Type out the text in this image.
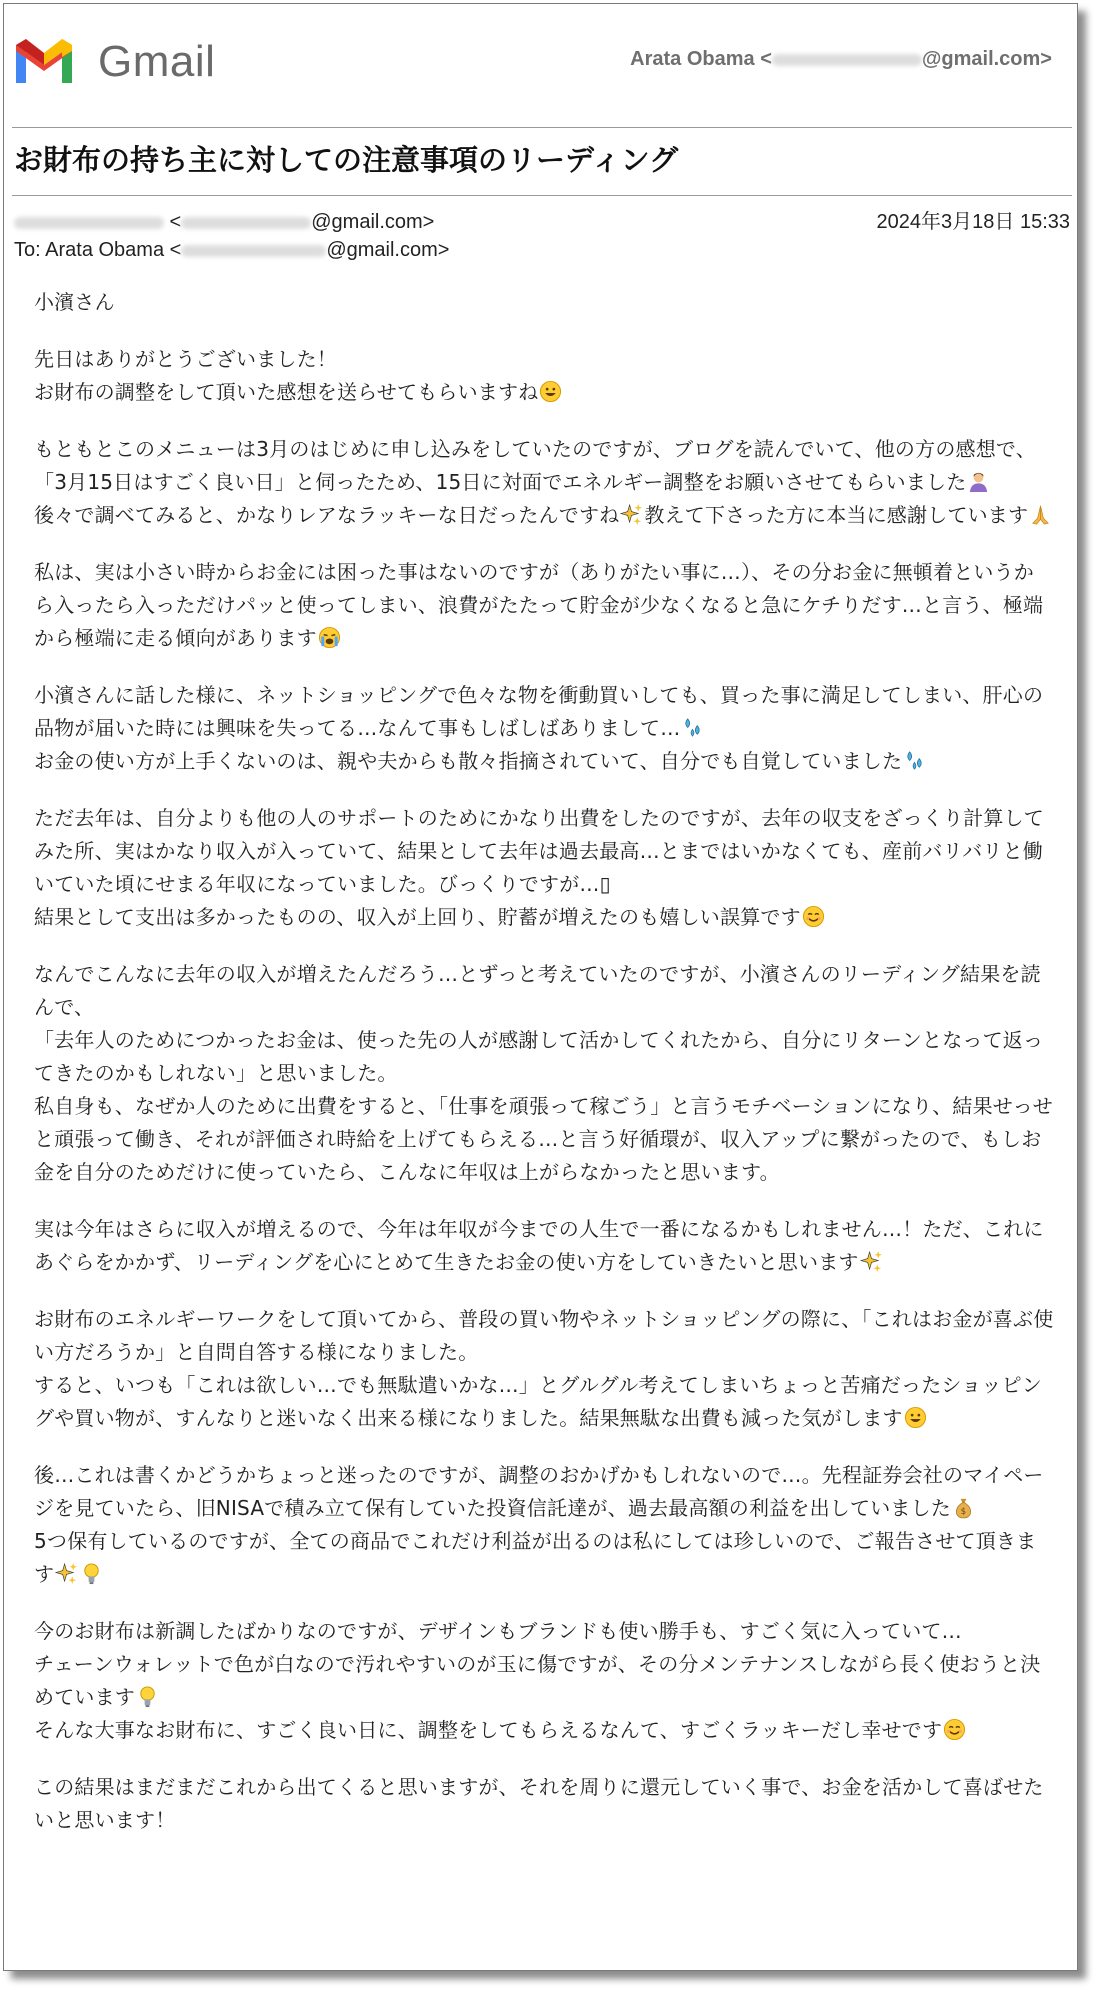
Gmail	Arata Obama <	@gmail.com>
お財布の持ち主に対しての注意事項のリーディング
<	@gmail.com>	2024年3月18日 15:33
To: Arata Obama <	@gmail.com>
小濱さん
先日はありがとうございました！
お財布の調整をして頂いた感想を送らせてもらいますね
もともとこのメニューは3月のはじめに申し込みをしていたのですが、ブログを読んでいて、他の方の感想で、「3月15日はすごく良い日」と伺ったため、15日に対面でエネルギー調整をお願いさせてもらいました

後々で調べてみると、かなりレアなラッキーな日だったんですね 教えて下さった方に本当に感謝しています
私は、実は小さい時からお金には困った事はないのですが（ありがたい事に…）、その分お金に無頓着というから入ったら入っただけパッと使ってしまい、浪費がたたって貯金が少なくなると急にケチりだす…と言う、極端から極端に走る傾向があります
小濱さんに話した様に、ネットショッピングで色々な物を衝動買いしても、買った事に満足してしまい、肝心の品物が届いた時には興味を失ってる…なんて事もしばしばありまして…

お金の使い方が上手くないのは、親や夫からも散々指摘されていて、自分でも自覚していました
ただ去年は、自分よりも他の人のサポートのためにかなり出費をしたのですが、去年の収支をざっくり計算してみた所、実はかなり収入が入っていて、結果として去年は過去最高…とまではいかなくても、産前バリバリと働いていた頃にせまる年収になっていました。びっくりですが…▯
結果として支出は多かったものの、収入が上回り、貯蓄が増えたのも嬉しい誤算です
なんでこんなに去年の収入が増えたんだろう…とずっと考えていたのですが、小濱さんのリーディング結果を読んで、
「去年人のためにつかったお金は、使った先の人が感謝して活かしてくれたから、自分にリターンとなって返ってきたのかもしれない」と思いました。
私自身も、なぜか人のために出費をすると、「仕事を頑張って稼ごう」と言うモチベーションになり、結果せっせと頑張って働き、それが評価され時給を上げてもらえる…と言う好循環が、収入アップに繋がったので、もしお金を自分のためだけに使っていたら、こんなに年収は上がらなかったと思います。
実は今年はさらに収入が増えるので、今年は年収が今までの人生で一番になるかもしれません…！ただ、これにあぐらをかかず、リーディングを心にとめて生きたお金の使い方をしていきたいと思います
お財布のエネルギーワークをして頂いてから、普段の買い物やネットショッピングの際に、「これはお金が喜ぶ使い方だろうか」と自問自答する様になりました。
すると、いつも「これは欲しい…でも無駄遣いかな…」とグルグル考えてしまいちょっと苦痛だったショッピングや買い物が、すんなりと迷いなく出来る様になりました。結果無駄な出費も減った気がします
後…これは書くかどうかちょっと迷ったのですが、調整のおかげかもしれないので…。先程証券会社のマイページを見ていたら、旧NISAで積み立て保有していた投資信託達が、過去最高額の利益を出していました $

5つ保有しているのですが、全ての商品でこれだけ利益が出るのは私にしては珍しいので、ご報告させて頂きます
今のお財布は新調したばかりなのですが、デザインもブランドも使い勝手も、すごく気に入っていて…
チェーンウォレットで色が白なので汚れやすいのが玉に傷ですが、その分メンテナンスしながら長く使おうと決めています

そんな大事なお財布に、すごく良い日に、調整をしてもらえるなんて、すごくラッキーだし幸せです
この結果はまだまだこれから出てくると思いますが、それを周りに還元していく事で、お金を活かして喜ばせたいと思います！
